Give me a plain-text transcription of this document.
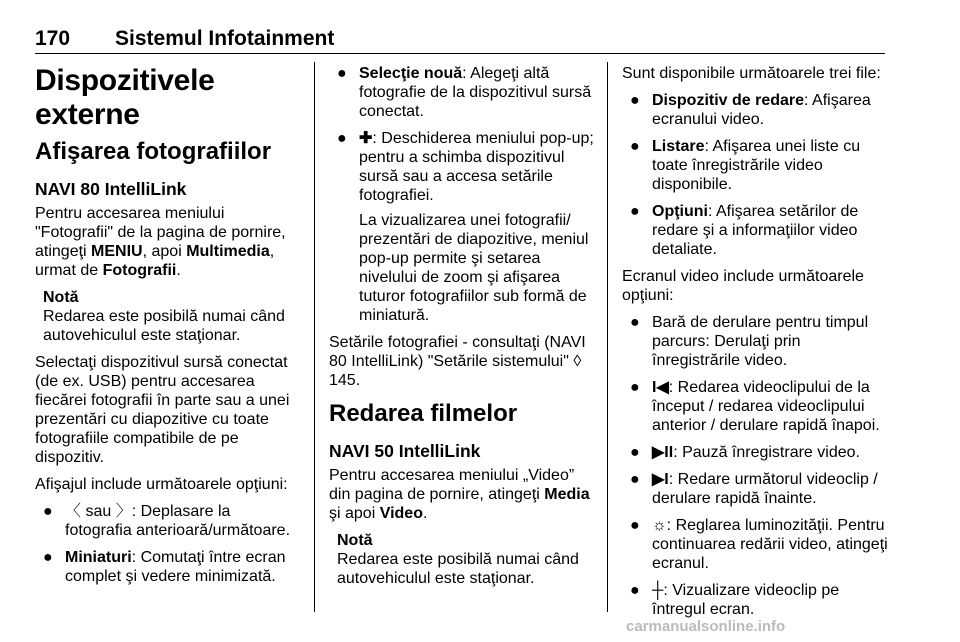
170 Sistemul Infotainment
Dispozitivele externe
Afişarea fotografiilor
NAVI 80 IntelliLink

Pentru accesarea meniului "Fotografii" de la pagina de pornire, atingeţi MENIU, apoi Multimedia, urmat de Fotografii.

Notă
Redarea este posibilă numai când autovehiculul este staţionar.

Selectaţi dispozitivul sursă conectat (de ex. USB) pentru accesarea fiecărei fotografii în parte sau a unei prezentări cu diapozitive cu toate fotografiile compatibile de pe dispozitiv.

Afişajul include următoarele opţiuni:

● 〈 sau 〉: Deplasare la fotografia anterioară/următoare.
● Miniaturi: Comutaţi între ecran complet şi vedere minimizată.
● Selecţie nouă: Alegeţi altă fotografie de la dispozitivul sursă conectat.
● ✚: Deschiderea meniului pop-up; pentru a schimba dispozitivul sursă sau a accesa setările fotografiei.
La vizualizarea unei fotografii/ prezentări de diapozitive, meniul pop-up permite şi setarea nivelului de zoom şi afişarea tuturor fotografiilor sub formă de miniatură.

Setările fotografiei - consultaţi (NAVI 80 IntelliLink) "Setările sistemului" ◊ 145.

Redarea filmelor
NAVI 50 IntelliLink

Pentru accesarea meniului „Video” din pagina de pornire, atingeţi Media şi apoi Video.

Notă
Redarea este posibilă numai când autovehiculul este staţionar.

Sunt disponibile următoarele trei file:

● Dispozitiv de redare: Afişarea ecranului video.
● Listare: Afişarea unei liste cu toate înregistrările video disponibile.
● Opţiuni: Afişarea setărilor de redare şi a informaţiilor video detaliate.

Ecranul video include următoarele opţiuni:

● Bară de derulare pentru timpul parcurs: Derulaţi prin înregistrările video.
● I◀: Redarea videoclipului de la început / redarea videoclipului anterior / derulare rapidă înapoi.
● ▶II: Pauză înregistrare video.
● ▶I: Redare următorul videoclip / derulare rapidă înainte.
● ☼: Reglarea luminozităţii. Pentru continuarea redării video, atingeţi ecranul.
● ┼: Vizualizare videoclip pe întregul ecran.
carmanualsonline.info
